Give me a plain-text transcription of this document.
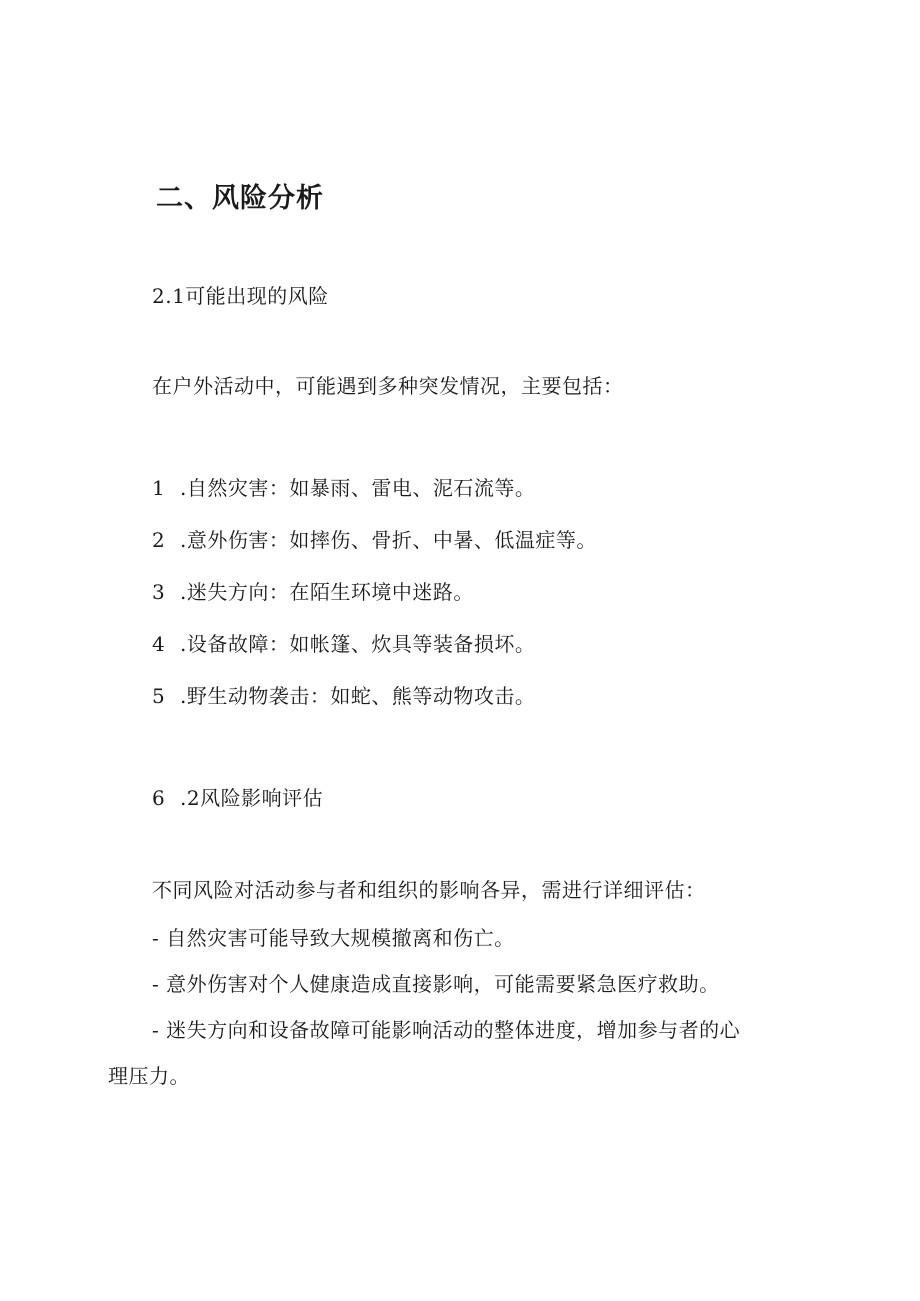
二、风险分析
2.1可能出现的风险
在户外活动中，可能遇到多种突发情况，主要包括：
1 .自然灾害：如暴雨、雷电、泥石流等。
2 .意外伤害：如摔伤、骨折、中暑、低温症等。
3 .迷失方向：在陌生环境中迷路。
4 .设备故障：如帐篷、炊具等装备损坏。
5 .野生动物袭击：如蛇、熊等动物攻击。
6 .2风险影响评估
不同风险对活动参与者和组织的影响各异，需进行详细评估：
- 自然灾害可能导致大规模撤离和伤亡。
- 意外伤害对个人健康造成直接影响，可能需要紧急医疗救助。
- 迷失方向和设备故障可能影响活动的整体进度，增加参与者的心
理压力。
